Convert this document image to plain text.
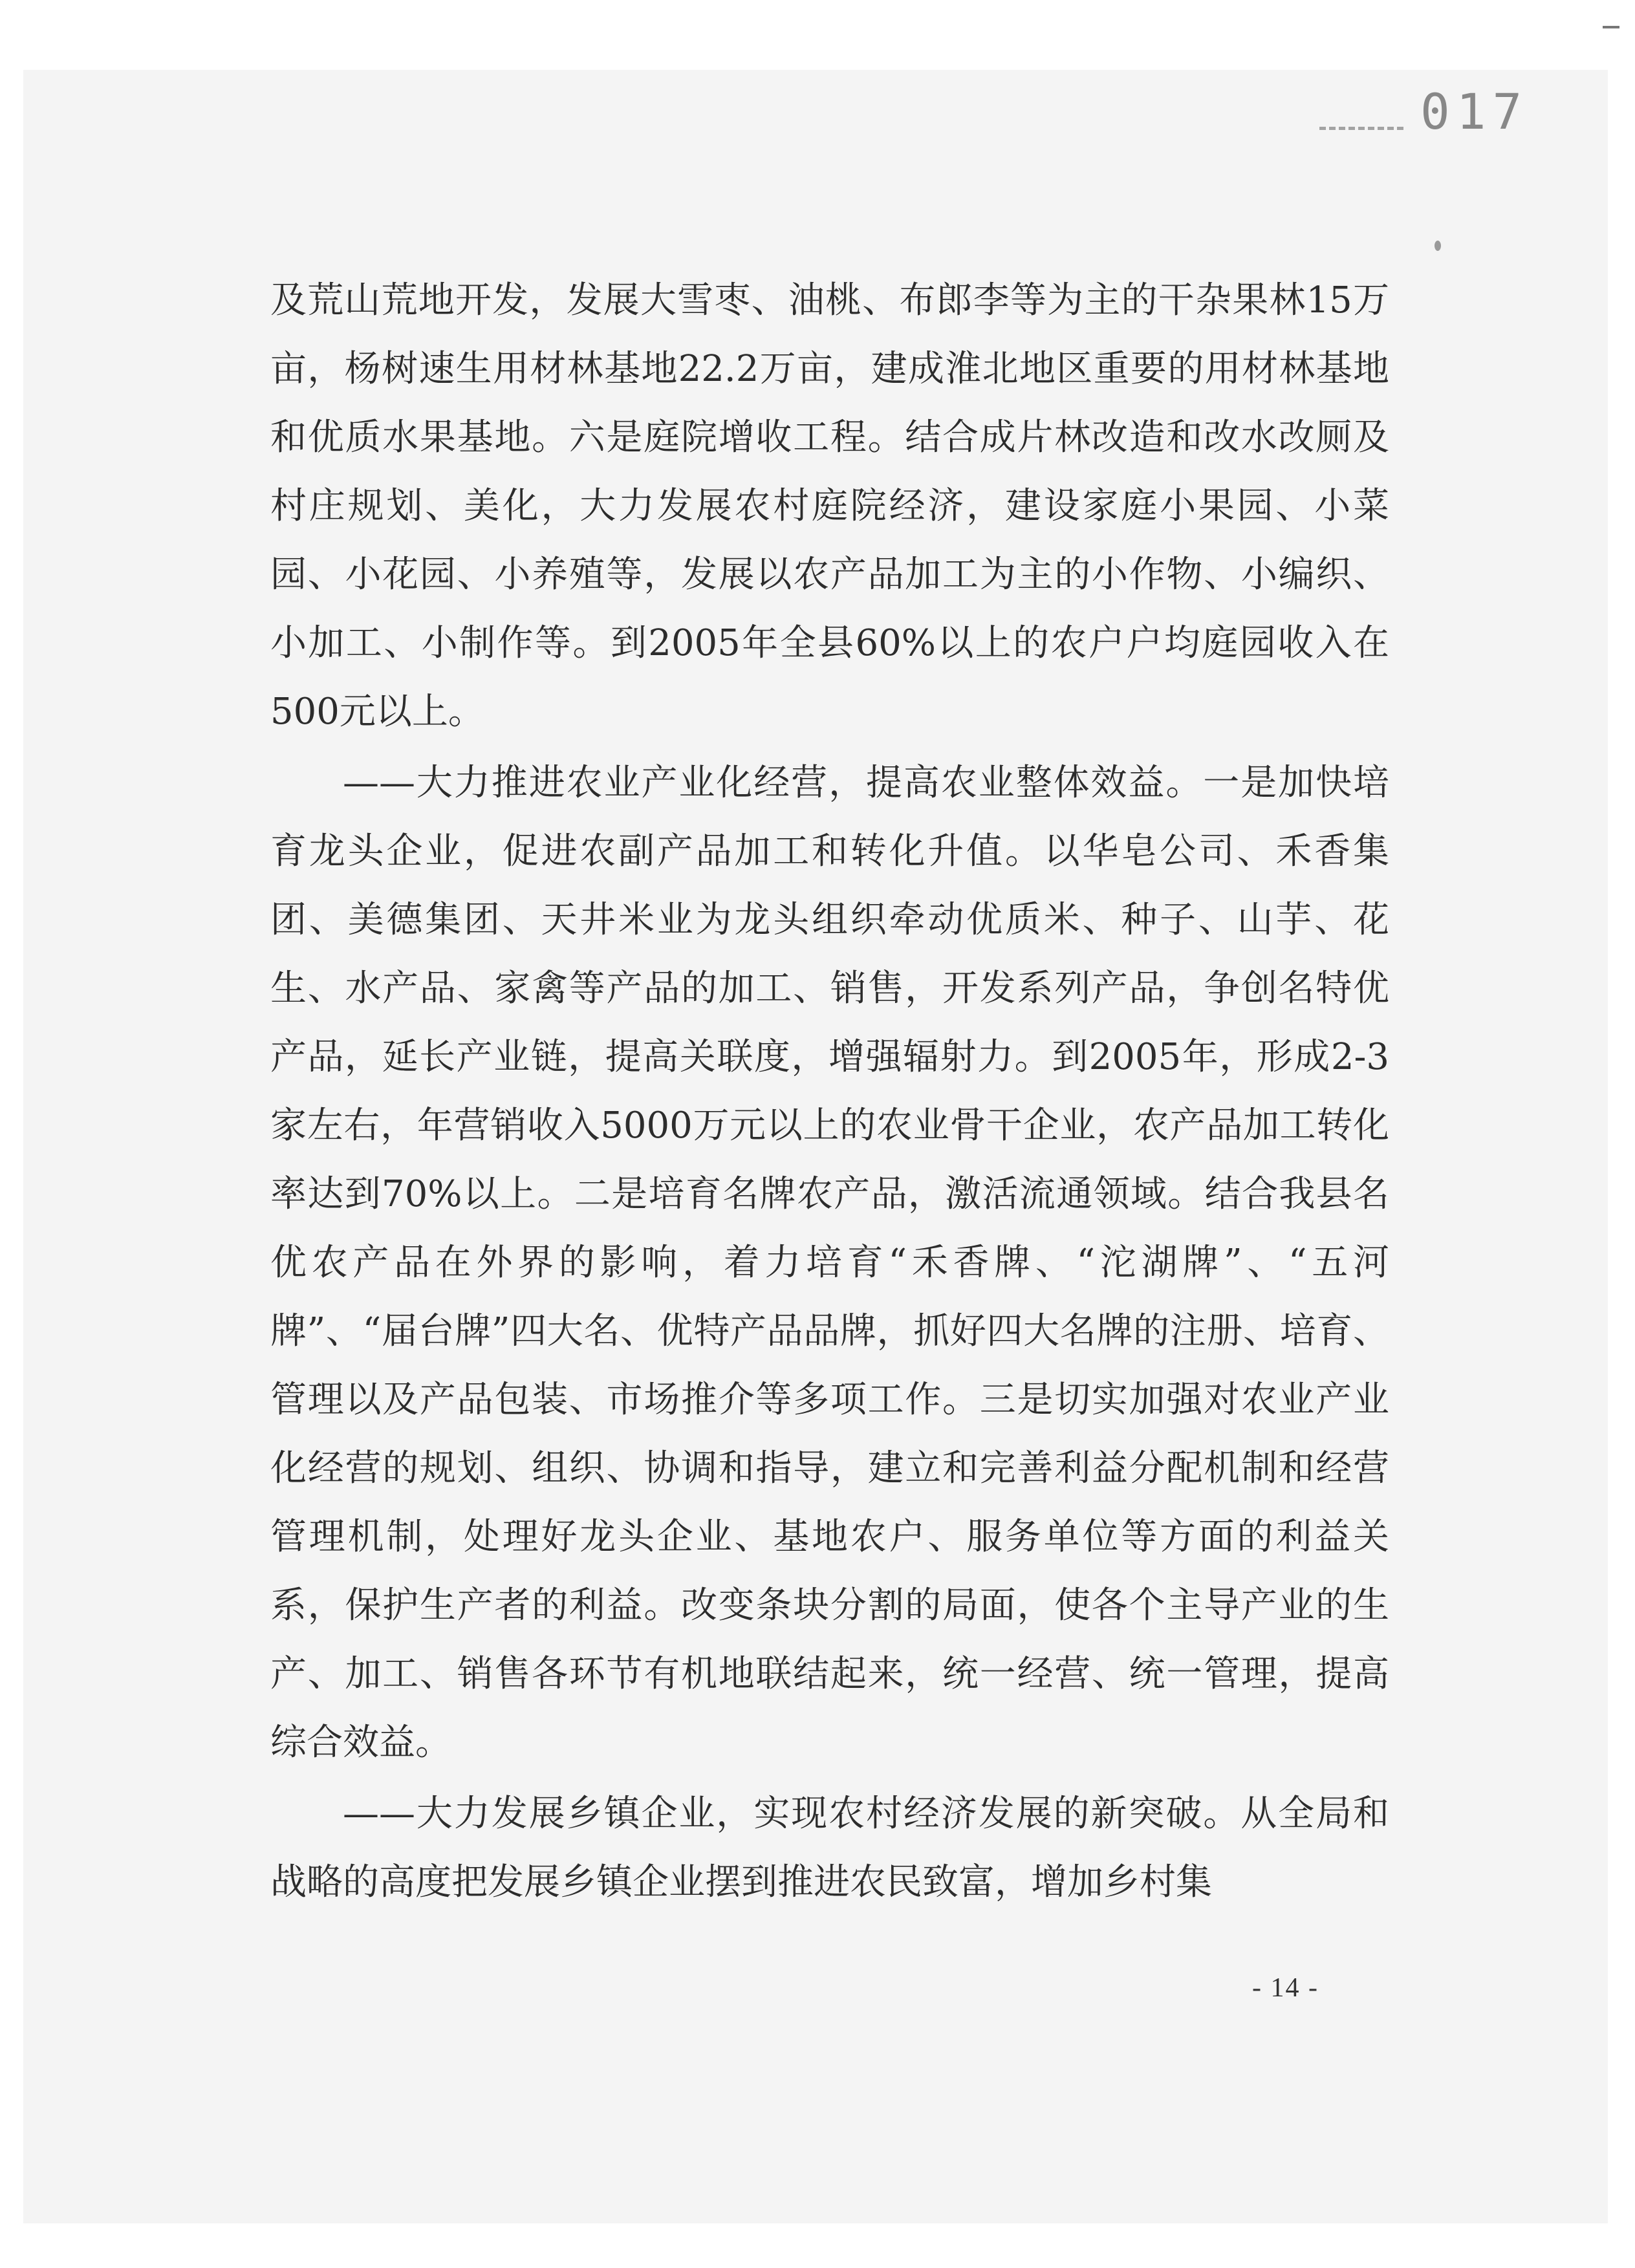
017

及荒山荒地开发，发展大雪枣、油桃、布郎李等为主的干杂果林15万亩，杨树速生用材林基地22.2万亩，建成淮北地区重要的用材林基地和优质水果基地。六是庭院增收工程。结合成片林改造和改水改厕及村庄规划、美化，大力发展农村庭院经济，建设家庭小果园、小菜园、小花园、小养殖等，发展以农产品加工为主的小作物、小编织、小加工、小制作等。到2005年全县60%以上的农户户均庭园收入在500元以上。

——大力推进农业产业化经营，提高农业整体效益。一是加快培育龙头企业，促进农副产品加工和转化升值。以华皂公司、禾香集团、美德集团、天井米业为龙头组织牵动优质米、种子、山芋、花生、水产品、家禽等产品的加工、销售，开发系列产品，争创名特优产品，延长产业链，提高关联度，增强辐射力。到2005年，形成2-3家左右，年营销收入5000万元以上的农业骨干企业，农产品加工转化率达到70%以上。二是培育名牌农产品，激活流通领域。结合我县名优农产品在外界的影响，着力培育“禾香牌、“沱湖牌”、“五河牌”、“届台牌”四大名、优特产品品牌，抓好四大名牌的注册、培育、管理以及产品包装、市场推介等多项工作。三是切实加强对农业产业化经营的规划、组织、协调和指导，建立和完善利益分配机制和经营管理机制，处理好龙头企业、基地农户、服务单位等方面的利益关系，保护生产者的利益。改变条块分割的局面，使各个主导产业的生产、加工、销售各环节有机地联结起来，统一经营、统一管理，提高综合效益。

——大力发展乡镇企业，实现农村经济发展的新突破。从全局和战略的高度把发展乡镇企业摆到推进农民致富，增加乡村集

- 14 -
